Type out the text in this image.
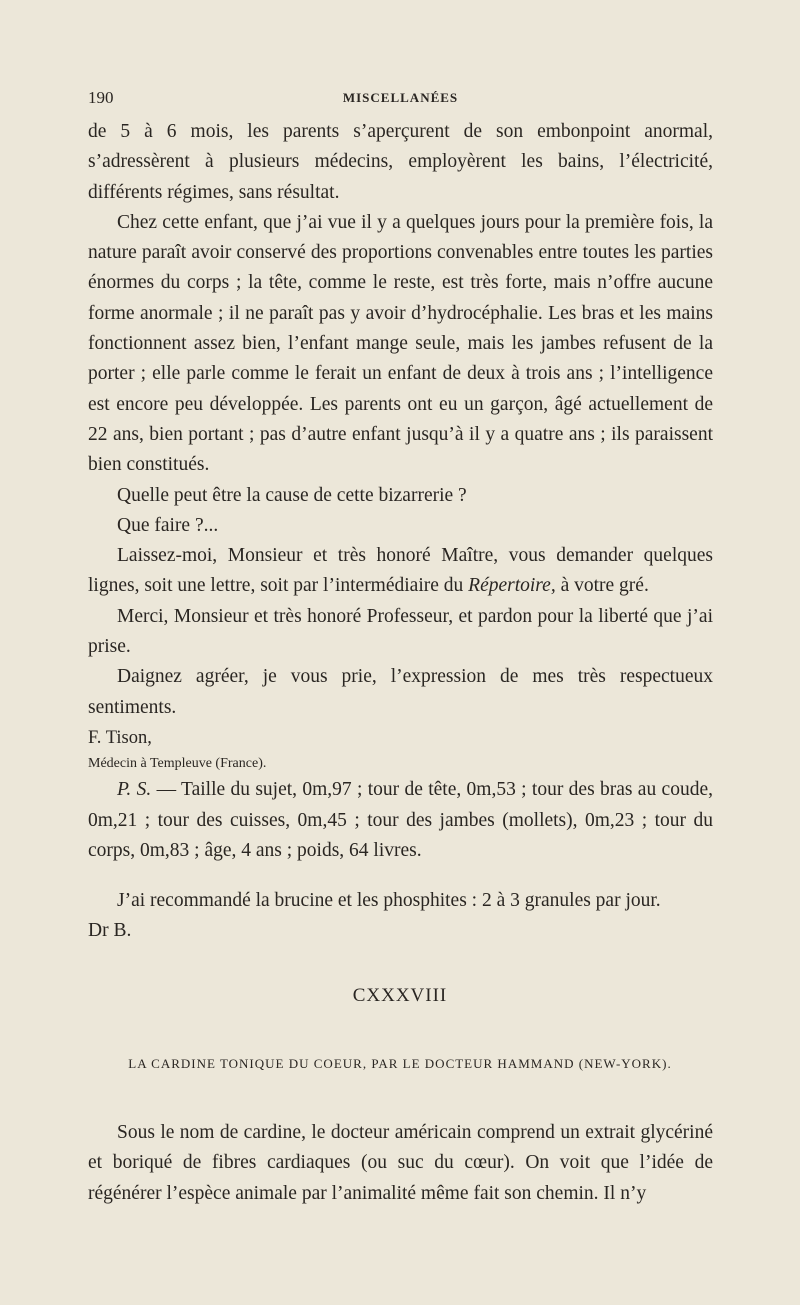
190	MISCELLANÉES

de 5 à 6 mois, les parents s’aperçurent de son embonpoint anormal, s’adressèrent à plusieurs médecins, employèrent les bains, l’électricité, différents régimes, sans résultat.

Chez cette enfant, que j’ai vue il y a quelques jours pour la première fois, la nature paraît avoir conservé des proportions convenables entre toutes les parties énormes du corps ; la tête, comme le reste, est très forte, mais n’offre aucune forme anormale ; il ne paraît pas y avoir d’hydrocéphalie. Les bras et les mains fonctionnent assez bien, l’enfant mange seule, mais les jambes refusent de la porter ; elle parle comme le ferait un enfant de deux à trois ans ; l’intelligence est encore peu développée. Les parents ont eu un garçon, âgé actuellement de 22 ans, bien portant ; pas d’autre enfant jusqu’à il y a quatre ans ; ils paraissent bien constitués.

Quelle peut être la cause de cette bizarrerie ?

Que faire ?...

Laissez-moi, Monsieur et très honoré Maître, vous demander quelques lignes, soit une lettre, soit par l’intermédiaire du Répertoire, à votre gré.

Merci, Monsieur et très honoré Professeur, et pardon pour la liberté que j’ai prise.

Daignez agréer, je vous prie, l’expression de mes très respectueux sentiments.

F. Tison,

Médecin à Templeuve (France).

P. S. — Taille du sujet, 0m,97 ; tour de tête, 0m,53 ; tour des bras au coude, 0m,21 ; tour des cuisses, 0m,45 ; tour des jambes (mollets), 0m,23 ; tour du corps, 0m,83 ; âge, 4 ans ; poids, 64 livres.

J’ai recommandé la brucine et les phosphites : 2 à 3 granules par jour.

Dr B.

CXXXVIII
LA CARDINE TONIQUE DU COEUR, PAR LE DOCTEUR HAMMAND (NEW-YORK).

Sous le nom de cardine, le docteur américain comprend un extrait glycériné et boriqué de fibres cardiaques (ou suc du cœur). On voit que l’idée de régénérer l’espèce animale par l’animalité même fait son chemin. Il n’y
